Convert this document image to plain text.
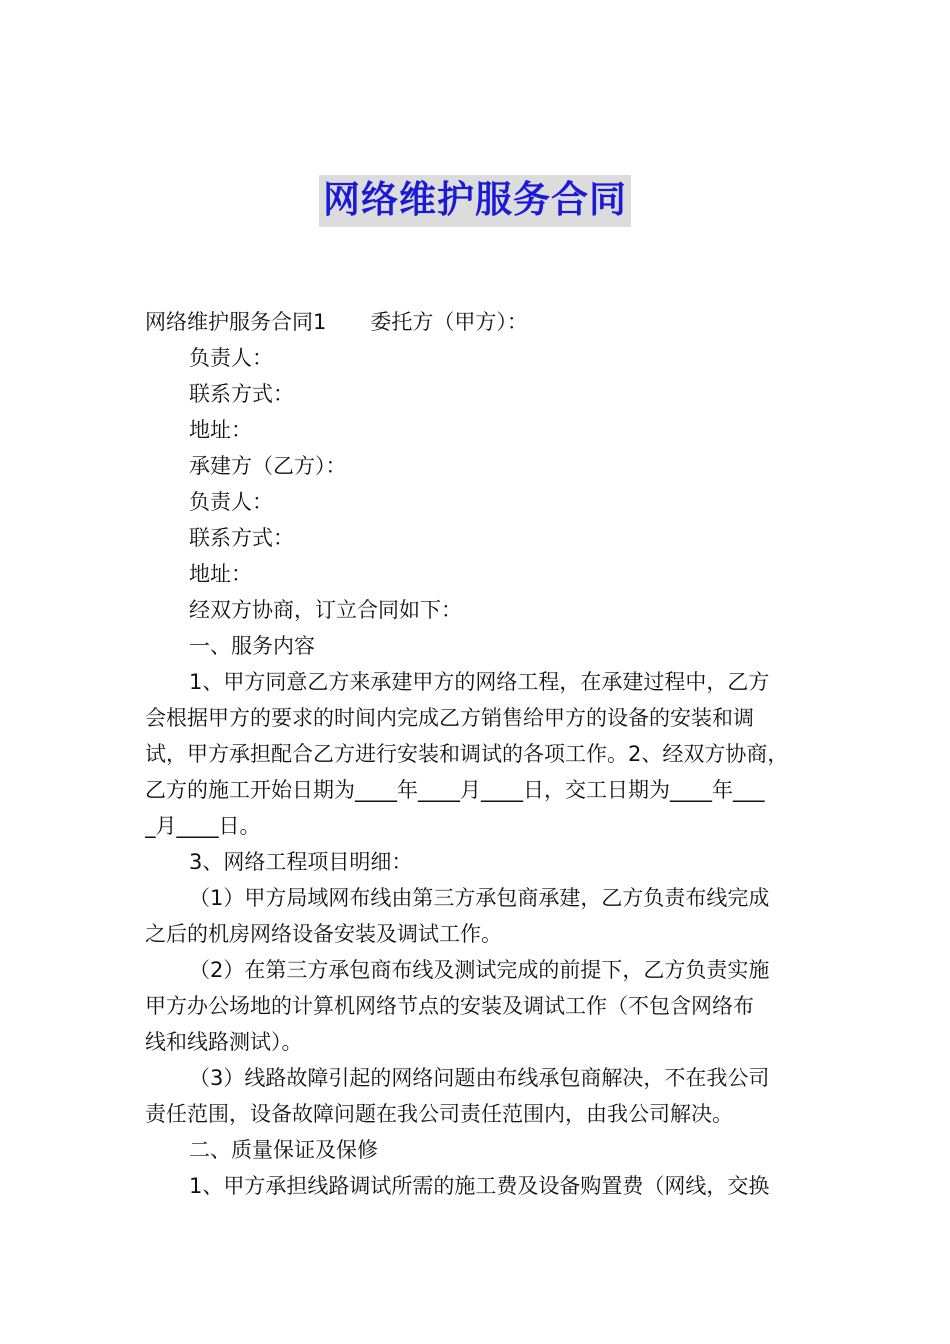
网络维护服务合同
网络维护服务合同1 委托方（甲方）：
负责人：
联系方式：
地址：
承建方（乙方）：
负责人：
联系方式：
地址：
经双方协商，订立合同如下：
一、服务内容
1、甲方同意乙方来承建甲方的网络工程，在承建过程中，乙方
会根据甲方的要求的时间内完成乙方销售给甲方的设备的安装和调
试，甲方承担配合乙方进行安装和调试的各项工作。2、经双方协商，
乙方的施工开始日期为____年____月____日，交工日期为____年___
_月____日。
3、网络工程项目明细：
（1）甲方局域网布线由第三方承包商承建，乙方负责布线完成
之后的机房网络设备安装及调试工作。
（2）在第三方承包商布线及测试完成的前提下，乙方负责实施
甲方办公场地的计算机网络节点的安装及调试工作（不包含网络布
线和线路测试）。
（3）线路故障引起的网络问题由布线承包商解决，不在我公司
责任范围，设备故障问题在我公司责任范围内，由我公司解决。
二、质量保证及保修
1、甲方承担线路调试所需的施工费及设备购置费（网线，交换
